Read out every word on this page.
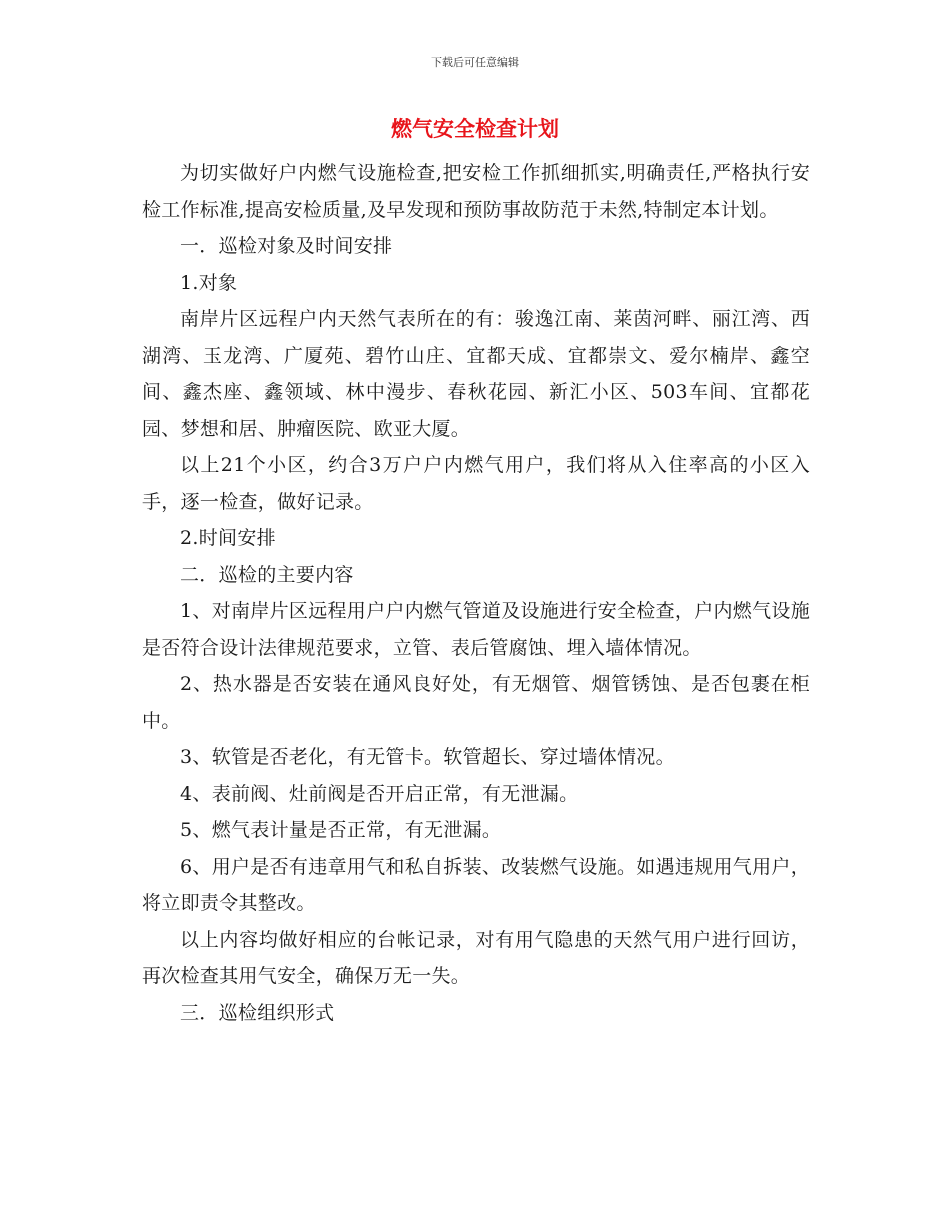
下载后可任意编辑
燃气安全检查计划

为切实做好户内燃气设施检查,把安检工作抓细抓实,明确责任,严格执行安检工作标准,提高安检质量,及早发现和预防事故防范于未然,特制定本计划。

一．巡检对象及时间安排

1.对象

南岸片区远程户内天然气表所在的有：骏逸江南、莱茵河畔、丽江湾、西湖湾、玉龙湾、广厦苑、碧竹山庄、宜都天成、宜都崇文、爱尔楠岸、鑫空间、鑫杰座、鑫领域、林中漫步、春秋花园、新汇小区、503车间、宜都花园、梦想和居、肿瘤医院、欧亚大厦。

以上21个小区，约合3万户户内燃气用户，我们将从入住率高的小区入手，逐一检查，做好记录。

2.时间安排

二．巡检的主要内容

1、对南岸片区远程用户户内燃气管道及设施进行安全检查，户内燃气设施是否符合设计法律规范要求，立管、表后管腐蚀、埋入墙体情况。

2、热水器是否安装在通风良好处，有无烟管、烟管锈蚀、是否包裹在柜中。

3、软管是否老化，有无管卡。软管超长、穿过墙体情况。

4、表前阀、灶前阀是否开启正常，有无泄漏。

5、燃气表计量是否正常，有无泄漏。

6、用户是否有违章用气和私自拆装、改装燃气设施。如遇违规用气用户，将立即责令其整改。

以上内容均做好相应的台帐记录，对有用气隐患的天然气用户进行回访，再次检查其用气安全，确保万无一失。

三．巡检组织形式
